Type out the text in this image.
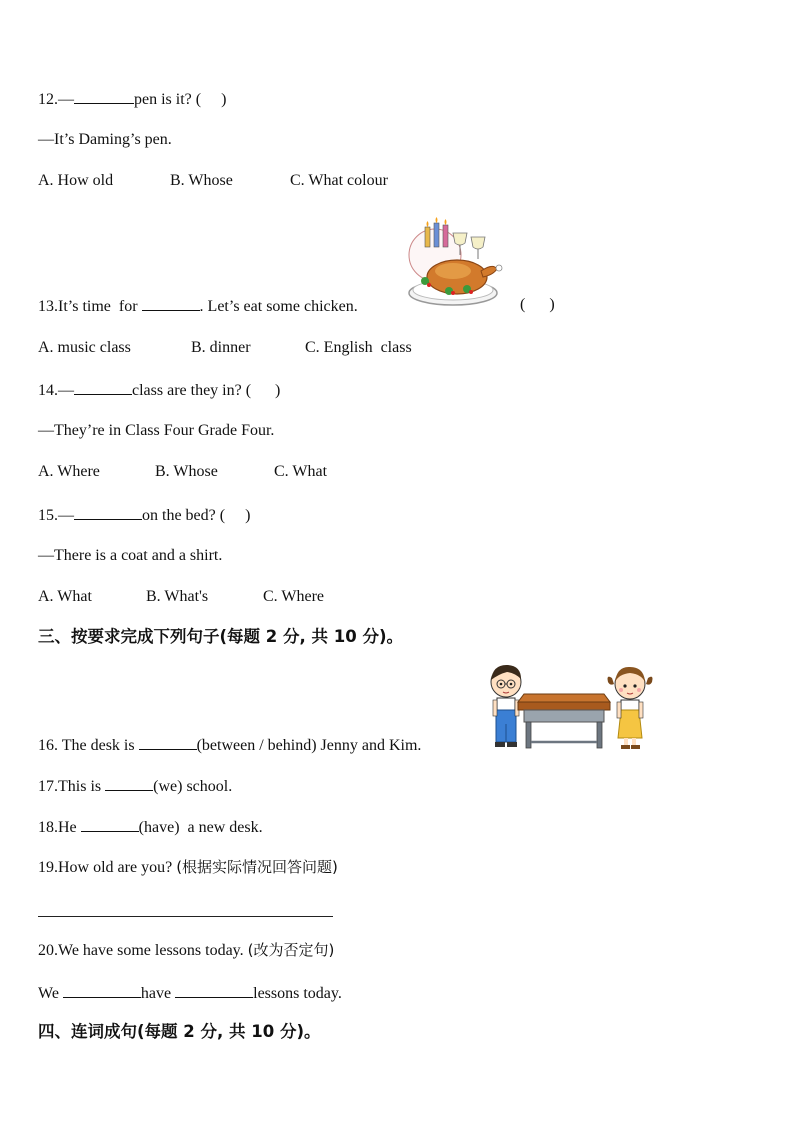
12.—	pen is it? (     )
—It’s Daming’s pen.
A. How old	B. Whose	C. What colour
13.It’s time  for	. Let’s eat some chicken.	(      )
A. music class	B. dinner	C. English  class
14.—	class are they in? (      )
—They’re in Class Four Grade Four.
A. Where	B. Whose	C. What
15.—	on the bed? (     )
—There is a coat and a shirt.
A. What	B. What's	C. Where
三、按要求完成下列句子(每题 2 分, 共 10 分)。
16. The desk is	(between / behind) Jenny and Kim.
17.This is	(we) school.
18.He	(have)  a new desk.
19.How old are you? (根据实际情况回答问题)
20.We have some lessons today. (改为否定句)
We	have	lessons today.
四、连词成句(每题 2 分, 共 10 分)。
